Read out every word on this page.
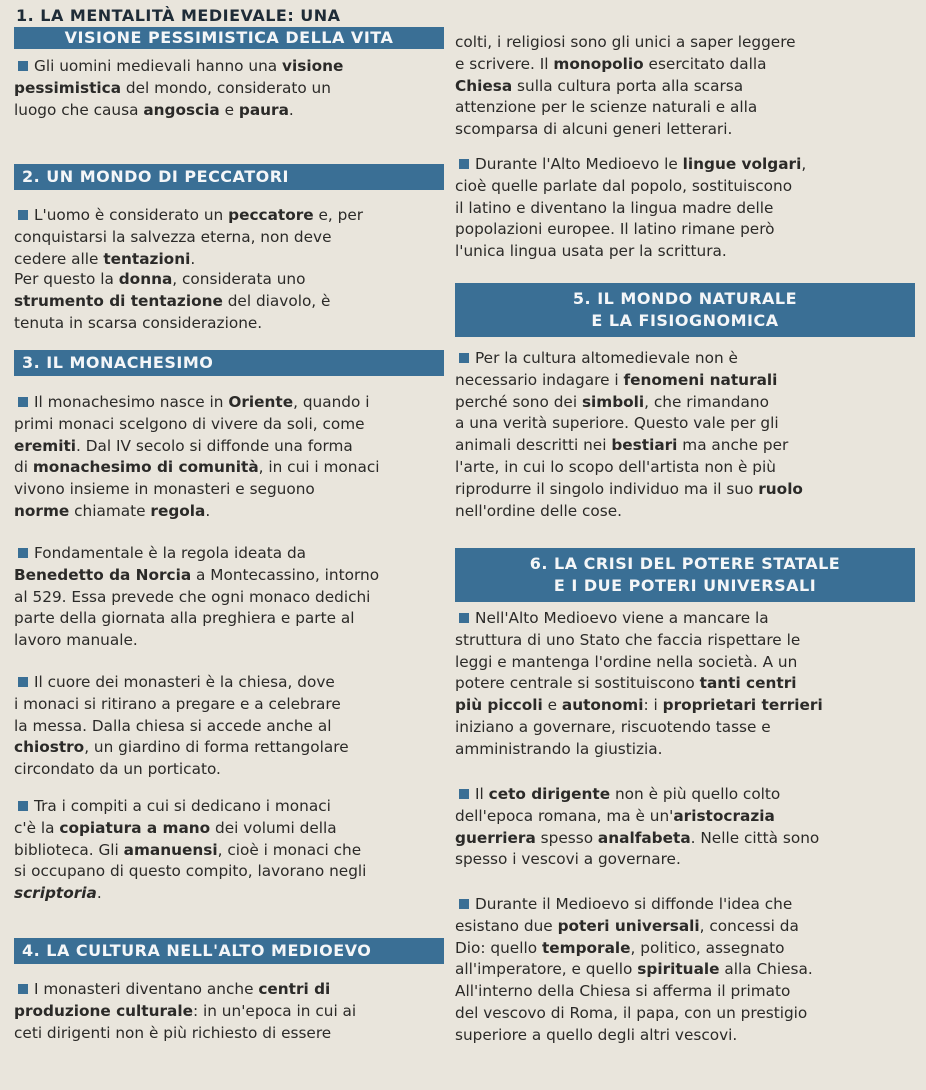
1. LA MENTALITÀ MEDIEVALE: UNA
VISIONE PESSIMISTICA DELLA VITA

Gli uomini medievali hanno una visione
pessimistica del mondo, considerato un
luogo che causa angoscia e paura.

2. UN MONDO DI PECCATORI

L'uomo è considerato un peccatore e, per
conquistarsi la salvezza eterna, non deve
cedere alle tentazioni.

Per questo la donna, considerata uno
strumento di tentazione del diavolo, è
tenuta in scarsa considerazione.

3. IL MONACHESIMO

Il monachesimo nasce in Oriente, quando i
primi monaci scelgono di vivere da soli, come
eremiti. Dal IV secolo si diffonde una forma
di monachesimo di comunità, in cui i monaci
vivono insieme in monasteri e seguono
norme chiamate regola.

Fondamentale è la regola ideata da
Benedetto da Norcia a Montecassino, intorno
al 529. Essa prevede che ogni monaco dedichi
parte della giornata alla preghiera e parte al
lavoro manuale.

Il cuore dei monasteri è la chiesa, dove
i monaci si ritirano a pregare e a celebrare
la messa. Dalla chiesa si accede anche al
chiostro, un giardino di forma rettangolare
circondato da un porticato.

Tra i compiti a cui si dedicano i monaci
c'è la copiatura a mano dei volumi della
biblioteca. Gli amanuensi, cioè i monaci che
si occupano di questo compito, lavorano negli
scriptoria.

4. LA CULTURA NELL'ALTO MEDIOEVO

I monasteri diventano anche centri di
produzione culturale: in un'epoca in cui ai
ceti dirigenti non è più richiesto di essere

colti, i religiosi sono gli unici a saper leggere
e scrivere. Il monopolio esercitato dalla
Chiesa sulla cultura porta alla scarsa
attenzione per le scienze naturali e alla
scomparsa di alcuni generi letterari.

Durante l'Alto Medioevo le lingue volgari,
cioè quelle parlate dal popolo, sostituiscono
il latino e diventano la lingua madre delle
popolazioni europee. Il latino rimane però
l'unica lingua usata per la scrittura.

5. IL MONDO NATURALE
E LA FISIOGNOMICA

Per la cultura altomedievale non è
necessario indagare i fenomeni naturali
perché sono dei simboli, che rimandano
a una verità superiore. Questo vale per gli
animali descritti nei bestiari ma anche per
l'arte, in cui lo scopo dell'artista non è più
riprodurre il singolo individuo ma il suo ruolo
nell'ordine delle cose.

6. LA CRISI DEL POTERE STATALE
E I DUE POTERI UNIVERSALI

Nell'Alto Medioevo viene a mancare la
struttura di uno Stato che faccia rispettare le
leggi e mantenga l'ordine nella società. A un
potere centrale si sostituiscono tanti centri
più piccoli e autonomi: i proprietari terrieri
iniziano a governare, riscuotendo tasse e
amministrando la giustizia.

Il ceto dirigente non è più quello colto
dell'epoca romana, ma è un'aristocrazia
guerriera spesso analfabeta. Nelle città sono
spesso i vescovi a governare.

Durante il Medioevo si diffonde l'idea che
esistano due poteri universali, concessi da
Dio: quello temporale, politico, assegnato
all'imperatore, e quello spirituale alla Chiesa.
All'interno della Chiesa si afferma il primato
del vescovo di Roma, il papa, con un prestigio
superiore a quello degli altri vescovi.
